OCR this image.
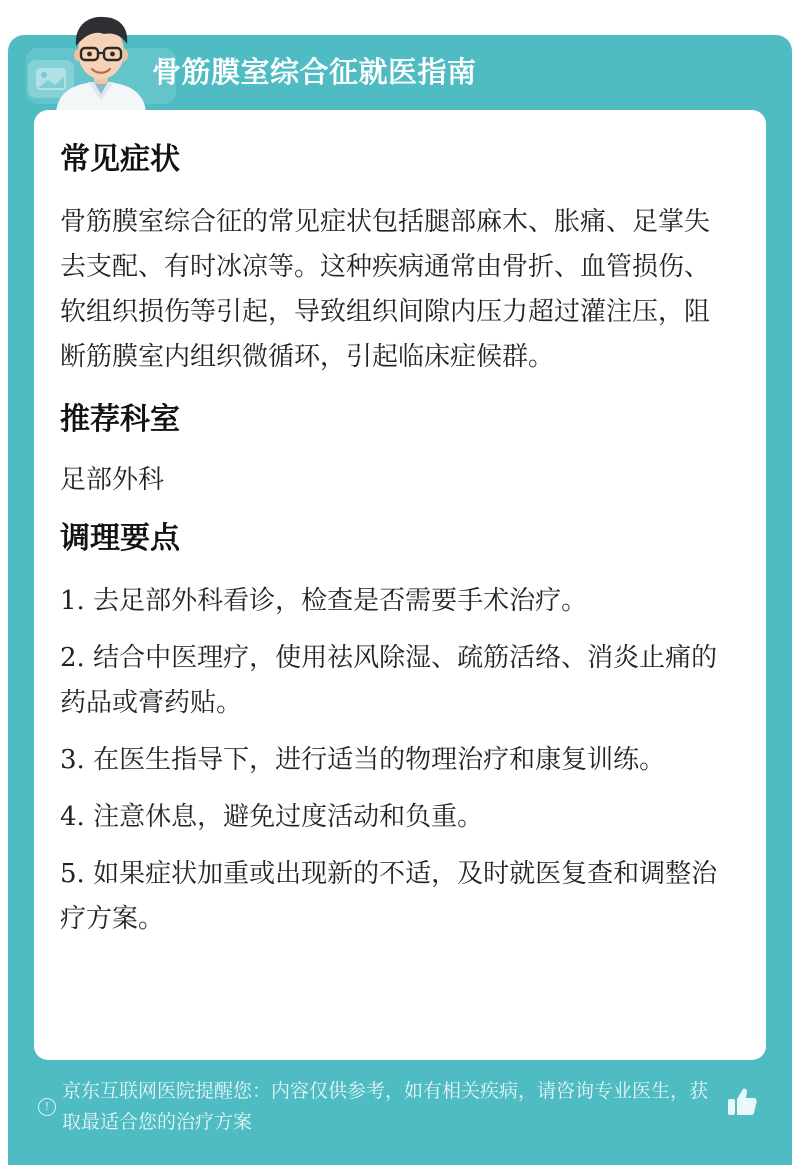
骨筋膜室综合征就医指南
常见症状

骨筋膜室综合征的常见症状包括腿部麻木、胀痛、足掌失去支配、有时冰凉等。这种疾病通常由骨折、血管损伤、软组织损伤等引起，导致组织间隙内压力超过灌注压，阻断筋膜室内组织微循环，引起临床症候群。

推荐科室

足部外科

调理要点

1. 去足部外科看诊，检查是否需要手术治疗。

2. 结合中医理疗，使用祛风除湿、疏筋活络、消炎止痛的药品或膏药贴。

3. 在医生指导下，进行适当的物理治疗和康复训练。

4. 注意休息，避免过度活动和负重。

5. 如果症状加重或出现新的不适，及时就医复查和调整治疗方案。

!
京东互联网医院提醒您：内容仅供参考，如有相关疾病，请咨询专业医生，获取最适合您的治疗方案
